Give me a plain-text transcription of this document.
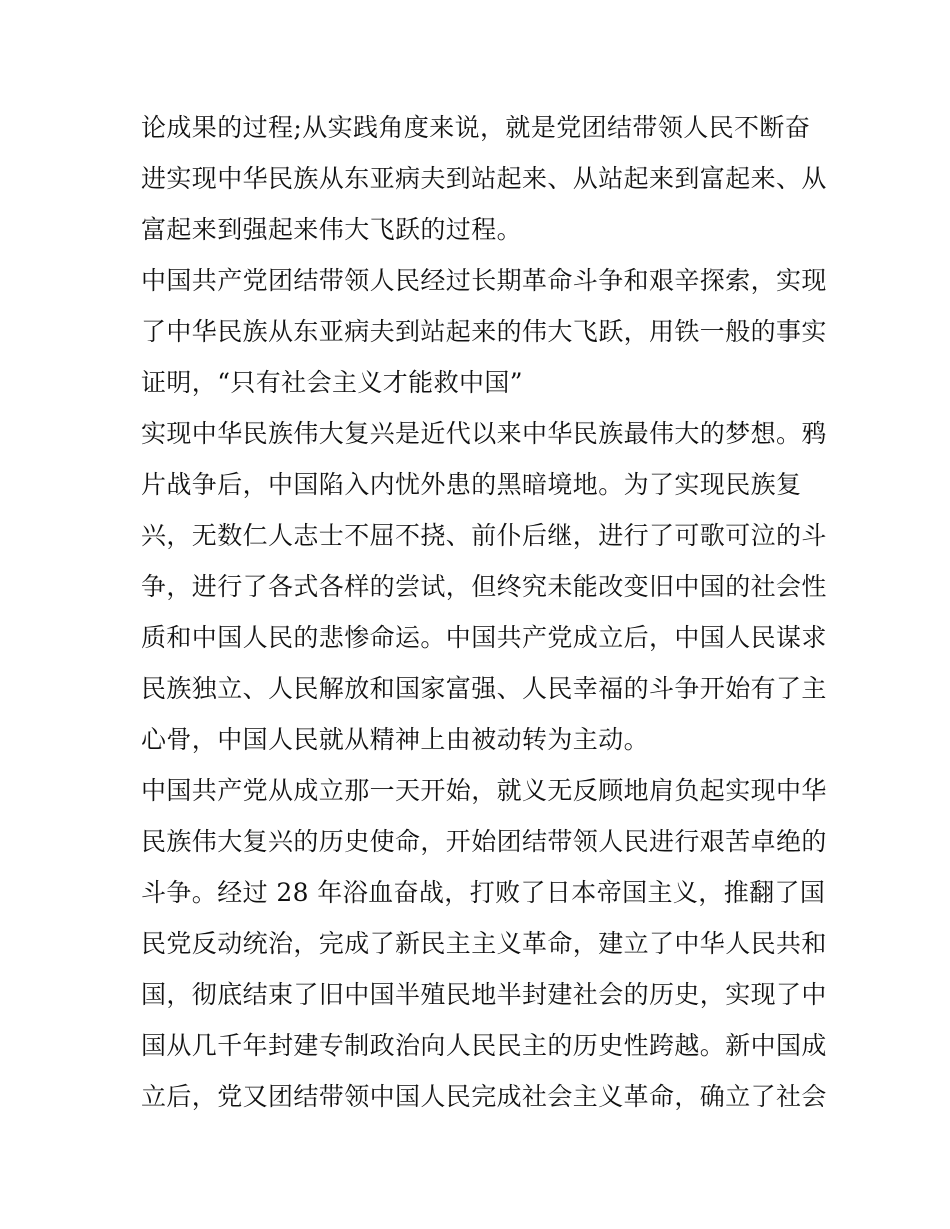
论成果的过程;从实践角度来说，就是党团结带领人民不断奋
进实现中华民族从东亚病夫到站起来、从站起来到富起来、从
富起来到强起来伟大飞跃的过程。
中国共产党团结带领人民经过长期革命斗争和艰辛探索，实现
了中华民族从东亚病夫到站起来的伟大飞跃，用铁一般的事实
证明，“只有社会主义才能救中国”
实现中华民族伟大复兴是近代以来中华民族最伟大的梦想。鸦
片战争后，中国陷入内忧外患的黑暗境地。为了实现民族复
兴，无数仁人志士不屈不挠、前仆后继，进行了可歌可泣的斗
争，进行了各式各样的尝试，但终究未能改变旧中国的社会性
质和中国人民的悲惨命运。中国共产党成立后，中国人民谋求
民族独立、人民解放和国家富强、人民幸福的斗争开始有了主
心骨，中国人民就从精神上由被动转为主动。
中国共产党从成立那一天开始，就义无反顾地肩负起实现中华
民族伟大复兴的历史使命，开始团结带领人民进行艰苦卓绝的
斗争。经过 28 年浴血奋战，打败了日本帝国主义，推翻了国
民党反动统治，完成了新民主主义革命，建立了中华人民共和
国，彻底结束了旧中国半殖民地半封建社会的历史，实现了中
国从几千年封建专制政治向人民民主的历史性跨越。新中国成
立后，党又团结带领中国人民完成社会主义革命，确立了社会
